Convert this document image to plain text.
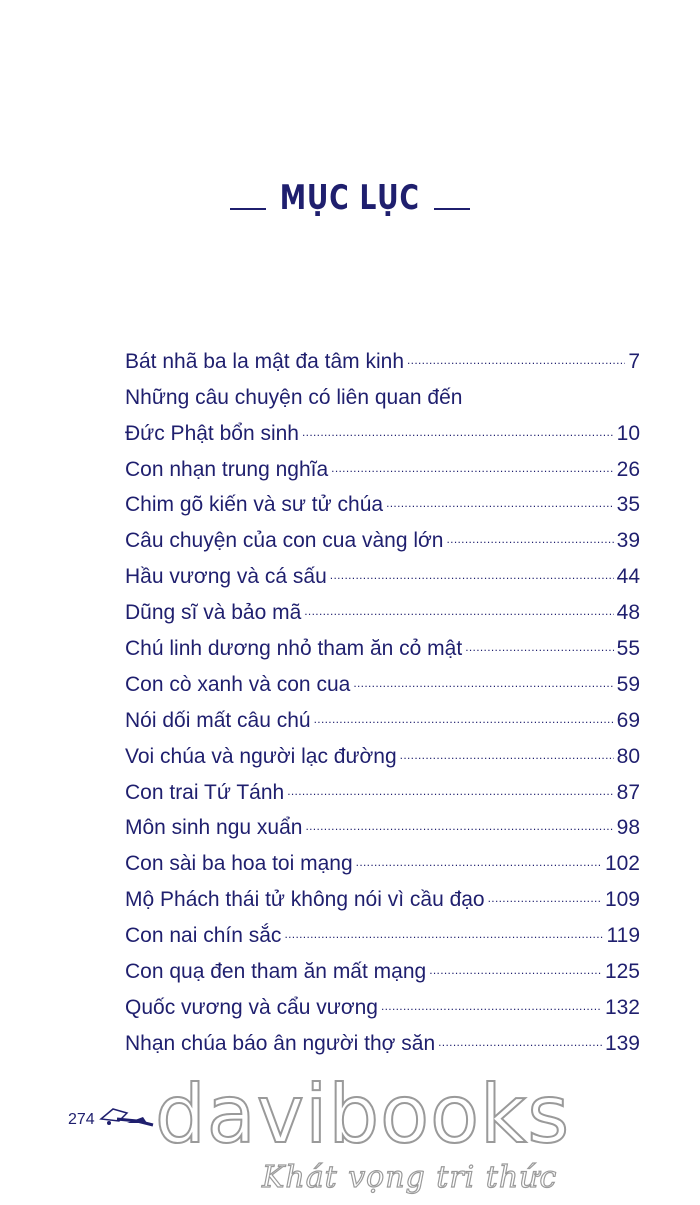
MỤC LỤC
Bát nhã ba la mật đa tâm kinh . . .	7
Những câu chuyện có liên quan đến
Đức Phật bổn sinh . . .	10
Con nhạn trung nghĩa . . .	26
Chim gõ kiến và sư tử chúa . . .	35
Câu chuyện của con cua vàng lớn . . .	39
Hầu vương và cá sấu . . .	44
Dũng sĩ và bảo mã . . .	48
Chú linh dương nhỏ tham ăn cỏ mật . . .	55
Con cò xanh và con cua . . .	59
Nói dối mất câu chú . . .	69
Voi chúa và người lạc đường . . .	80
Con trai Tứ Tánh . . .	87
Môn sinh ngu xuẩn . . .	98
Con sài ba hoa toi mạng . . .	102
Mộ Phách thái tử không nói vì cầu đạo . . .	109
Con nai chín sắc . . .	119
Con quạ đen tham ăn mất mạng . . .	125
Quốc vương và cẩu vương . . .	132
Nhạn chúa báo ân người thợ săn . . .	139
274 davibooks
Khát vọng tri thức
